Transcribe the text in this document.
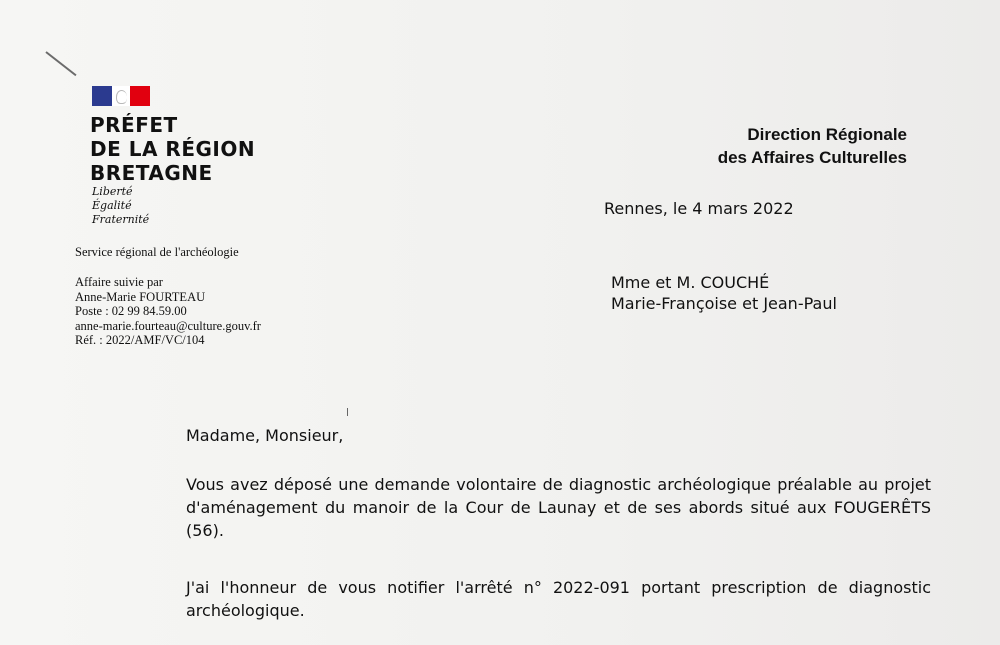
PRÉFET
DE LA RÉGION
BRETAGNE
Liberté
Égalité
Fraternité
Service régional de l'archéologie
Affaire suivie par
Anne-Marie FOURTEAU
Poste : 02 99 84.59.00
anne-marie.fourteau@culture.gouv.fr
Réf. : 2022/AMF/VC/104
Direction Régionale
des Affaires Culturelles
Rennes, le 4 mars 2022
Mme et M. COUCHÉ
Marie-Françoise et Jean-Paul
Madame, Monsieur,
Vous avez déposé une demande volontaire de diagnostic archéologique préalable au projet d'aménagement du manoir de la Cour de Launay et de ses abords situé aux FOUGERÊTS (56).
J'ai l'honneur de vous notifier l'arrêté n° 2022-091 portant prescription de diagnostic archéologique.
